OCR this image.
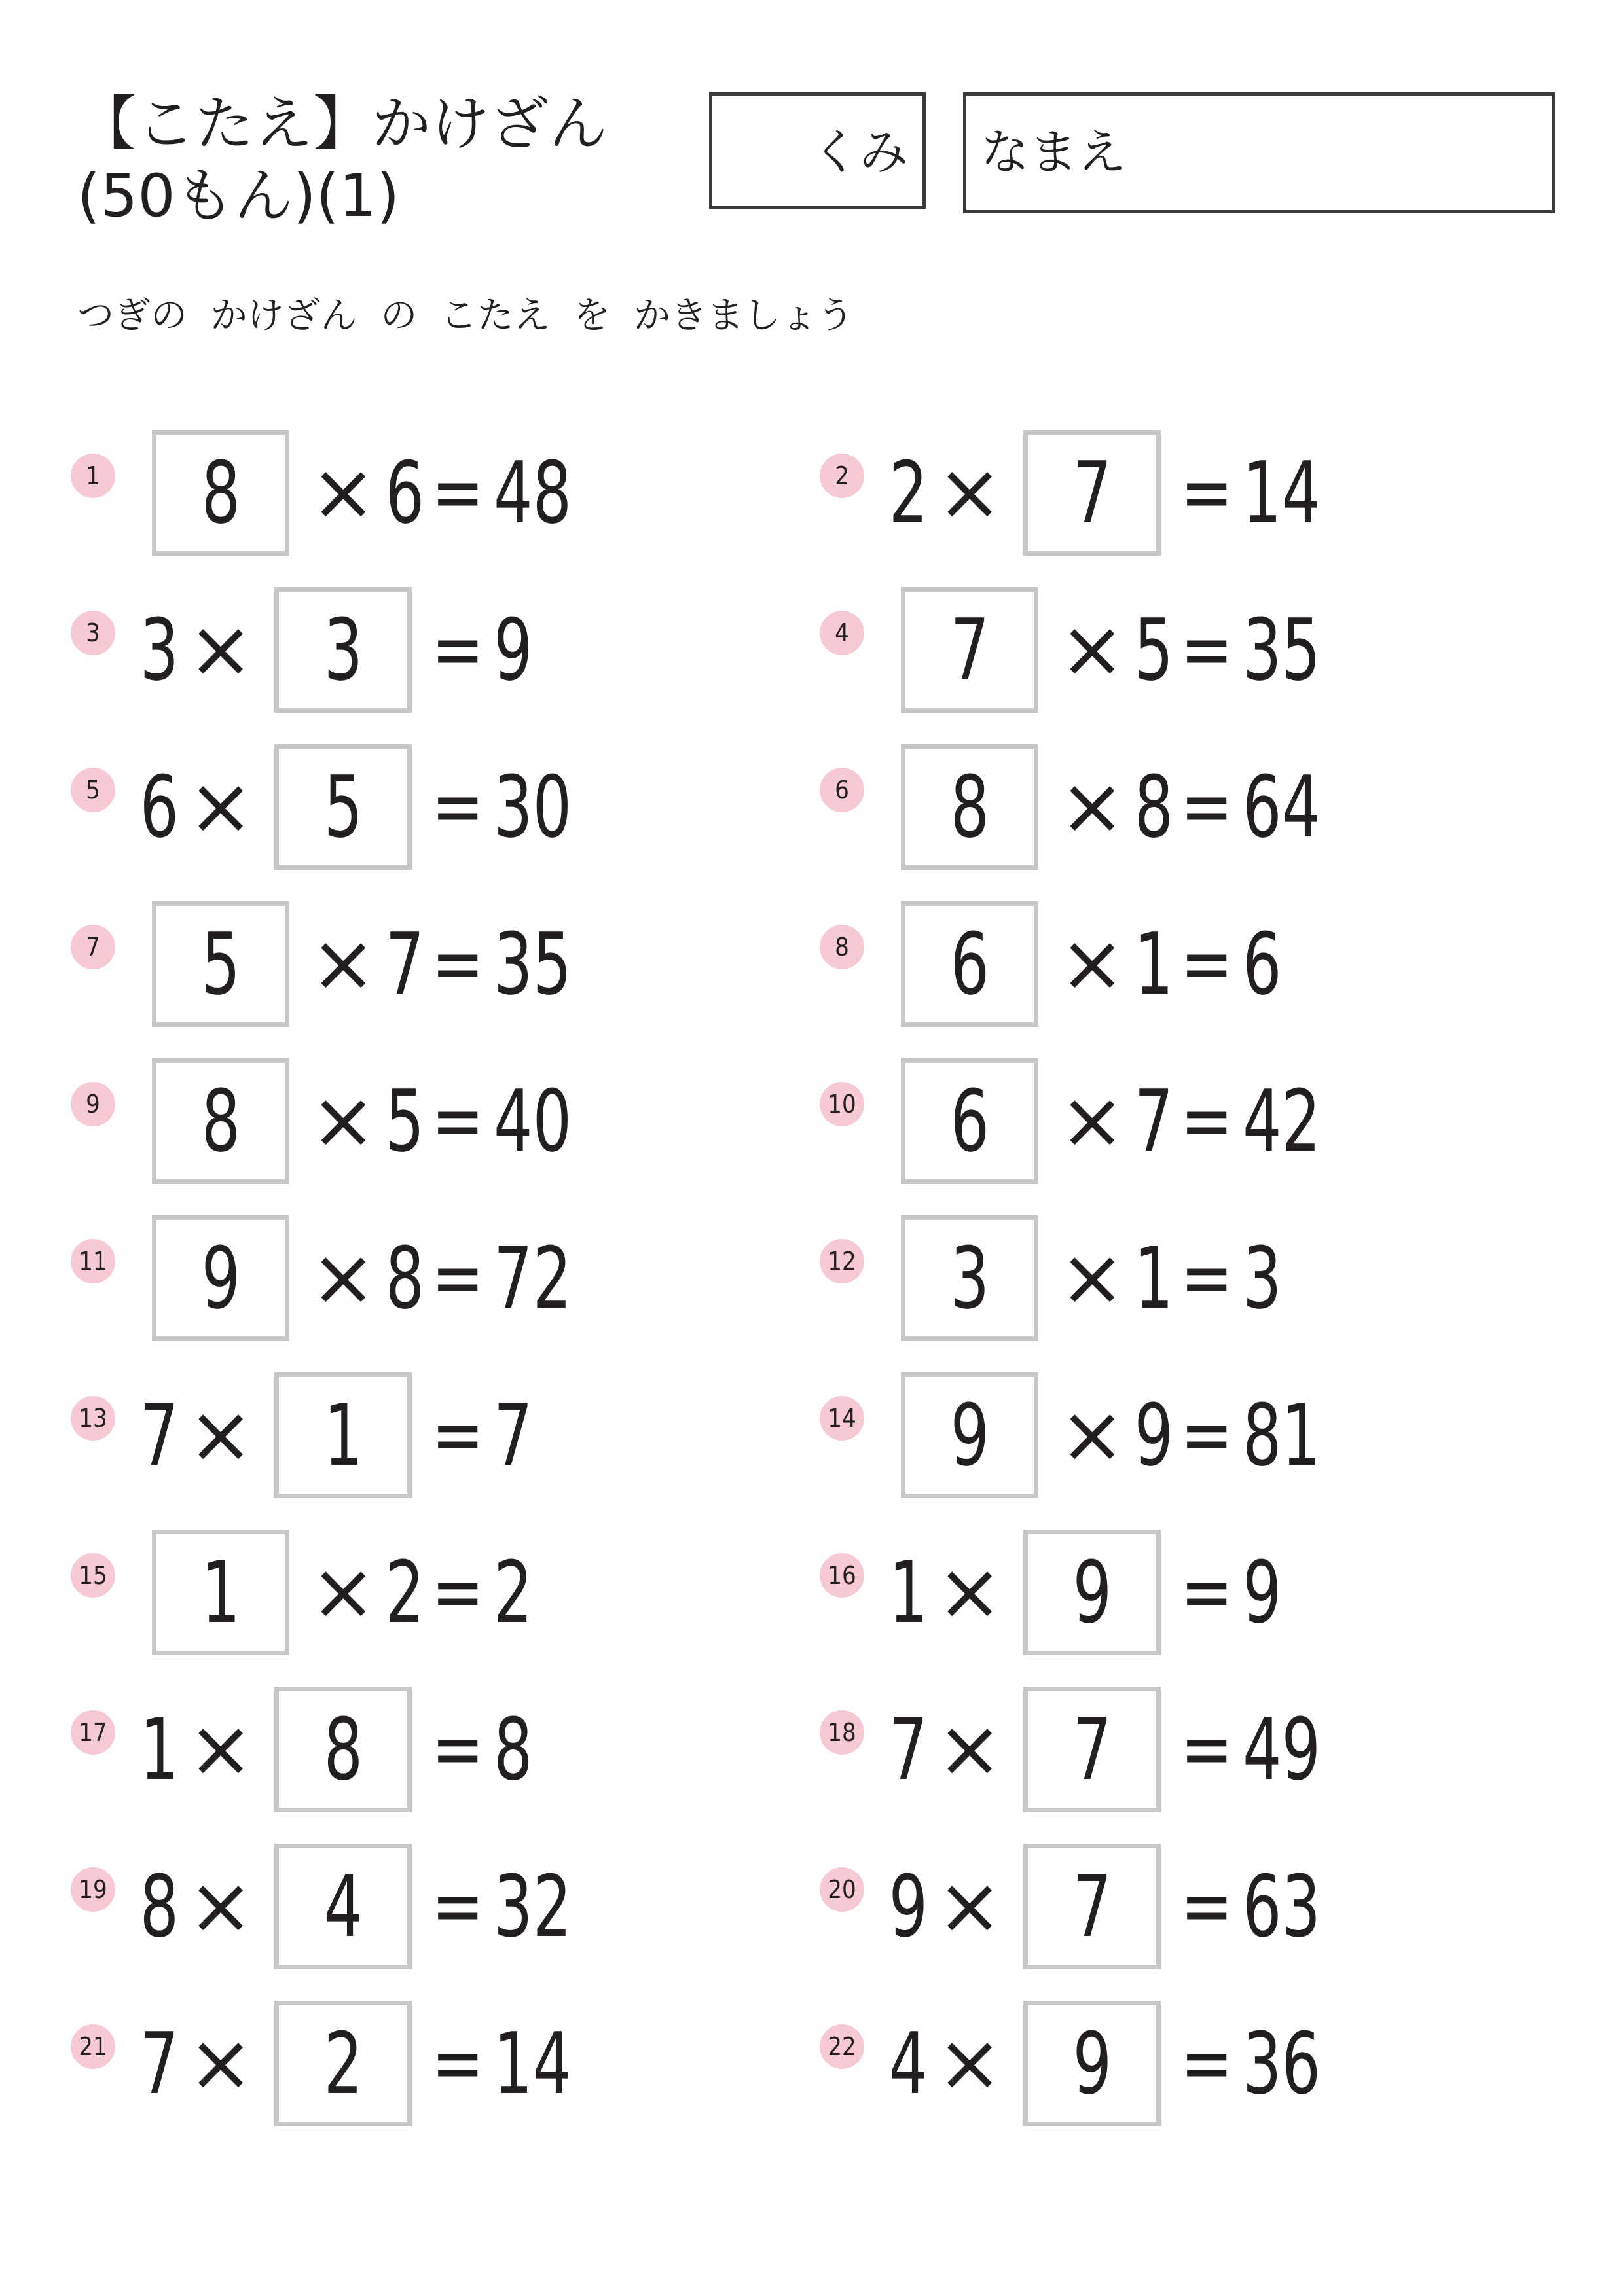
【こたえ】かけざん
(50もん)(1)
くみ なまえ
つぎの  かけざん  の  こたえ  を  かきましょう
1 8 × 6 = 48	2 2 × 7 = 14
3 3 × 3 = 9	4 7 × 5 = 35
5 6 × 5 = 30	6 8 × 8 = 64
7 5 × 7 = 35	8 6 × 1 = 6
9 8 × 5 = 40	10 6 × 7 = 42
11 9 × 8 = 72	12 3 × 1 = 3
13 7 × 1 = 7	14 9 × 9 = 81
15 1 × 2 = 2	16 1 × 9 = 9
17 1 × 8 = 8	18 7 × 7 = 49
19 8 × 4 = 32	20 9 × 7 = 63
21 7 × 2 = 14	22 4 × 9 = 36
